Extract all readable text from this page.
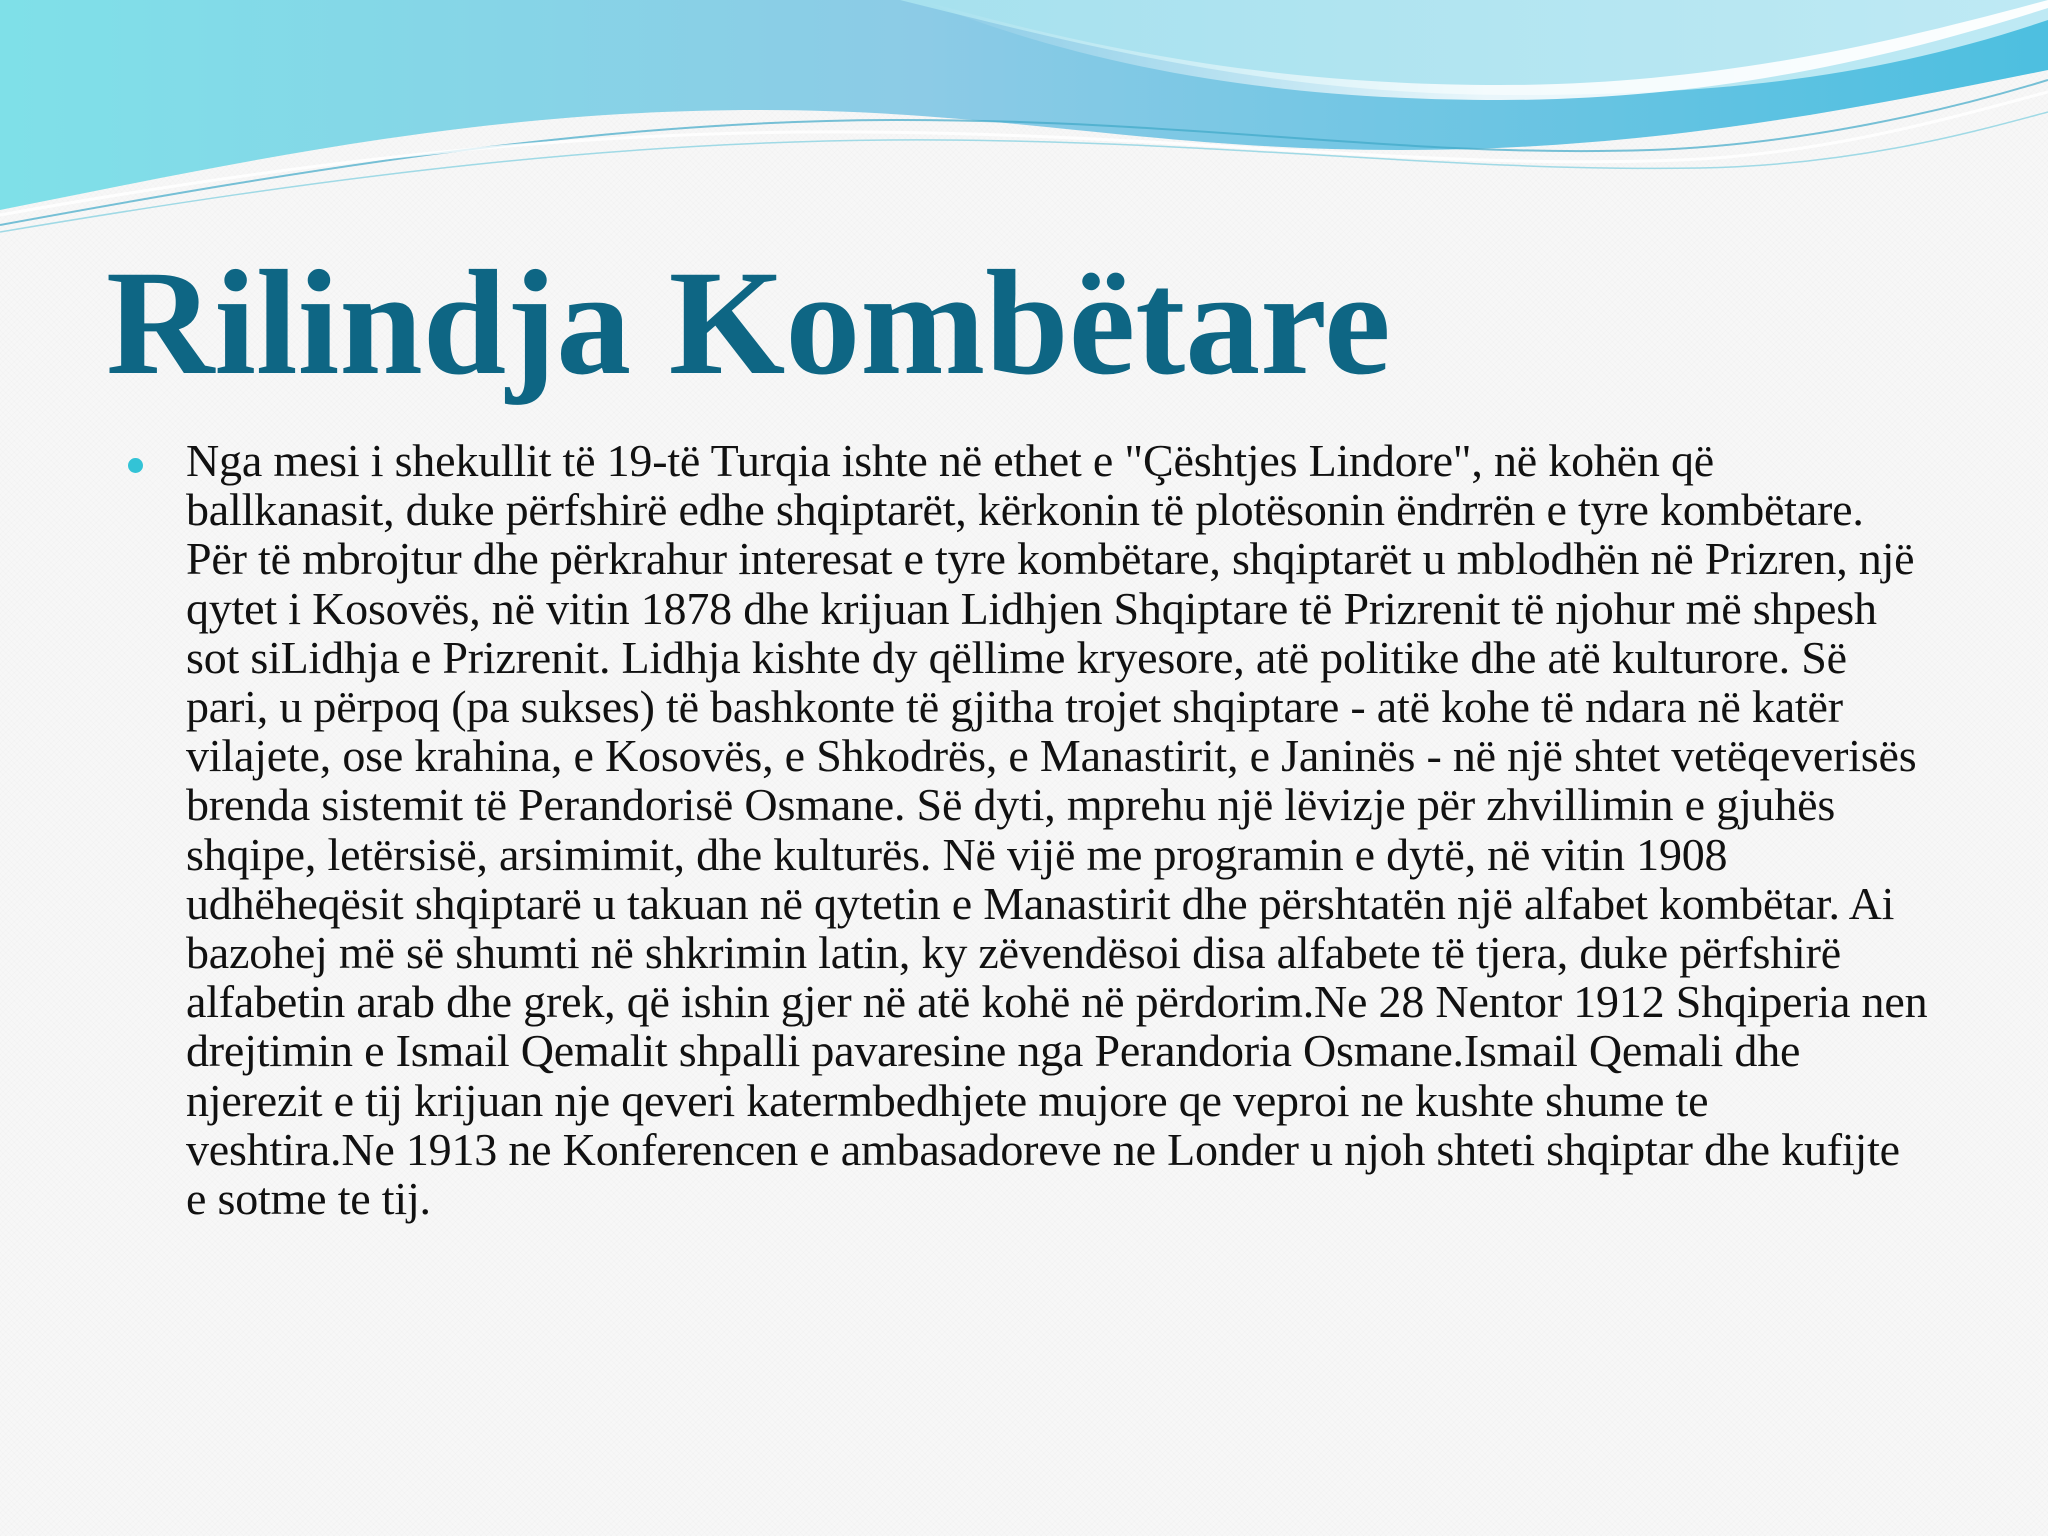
Rilindja Kombëtare

Nga mesi i shekullit të 19-të Turqia ishte në ethet e "Çështjes Lindore", në kohën që ballkanasit, duke përfshirë edhe shqiptarët, kërkonin të plotësonin ëndrrën e tyre kombëtare. Për të mbrojtur dhe përkrahur interesat e tyre kombëtare, shqiptarët u mblodhën në Prizren, një qytet i Kosovës, në vitin 1878 dhe krijuan Lidhjen Shqiptare të Prizrenit të njohur më shpesh sot siLidhja e Prizrenit. Lidhja kishte dy qëllime kryesore, atë politike dhe atë kulturore. Së pari, u përpoq (pa sukses) të bashkonte të gjitha trojet shqiptare - atë kohe të ndara në katër vilajete, ose krahina, e Kosovës, e Shkodrës, e Manastirit, e Janinës - në një shtet vetëqeverisës brenda sistemit të Perandorisë Osmane. Së dyti, mprehu një lëvizje për zhvillimin e gjuhës shqipe, letërsisë, arsimimit, dhe kulturës. Në vijë me programin e dytë, në vitin 1908 udhëheqësit shqiptarë u takuan në qytetin e Manastirit dhe përshtatën një alfabet kombëtar. Ai bazohej më së shumti në shkrimin latin, ky zëvendësoi disa alfabete të tjera, duke përfshirë alfabetin arab dhe grek, që ishin gjer në atë kohë në përdorim.Ne 28 Nentor 1912 Shqiperia nen drejtimin e Ismail Qemalit shpalli pavaresine nga Perandoria Osmane.Ismail Qemali dhe njerezit e tij krijuan nje qeveri katermbedhjete mujore qe veproi ne kushte shume te veshtira.Ne 1913 ne Konferencen e ambasadoreve ne Londer u njoh shteti shqiptar dhe kufijte e sotme te tij.
